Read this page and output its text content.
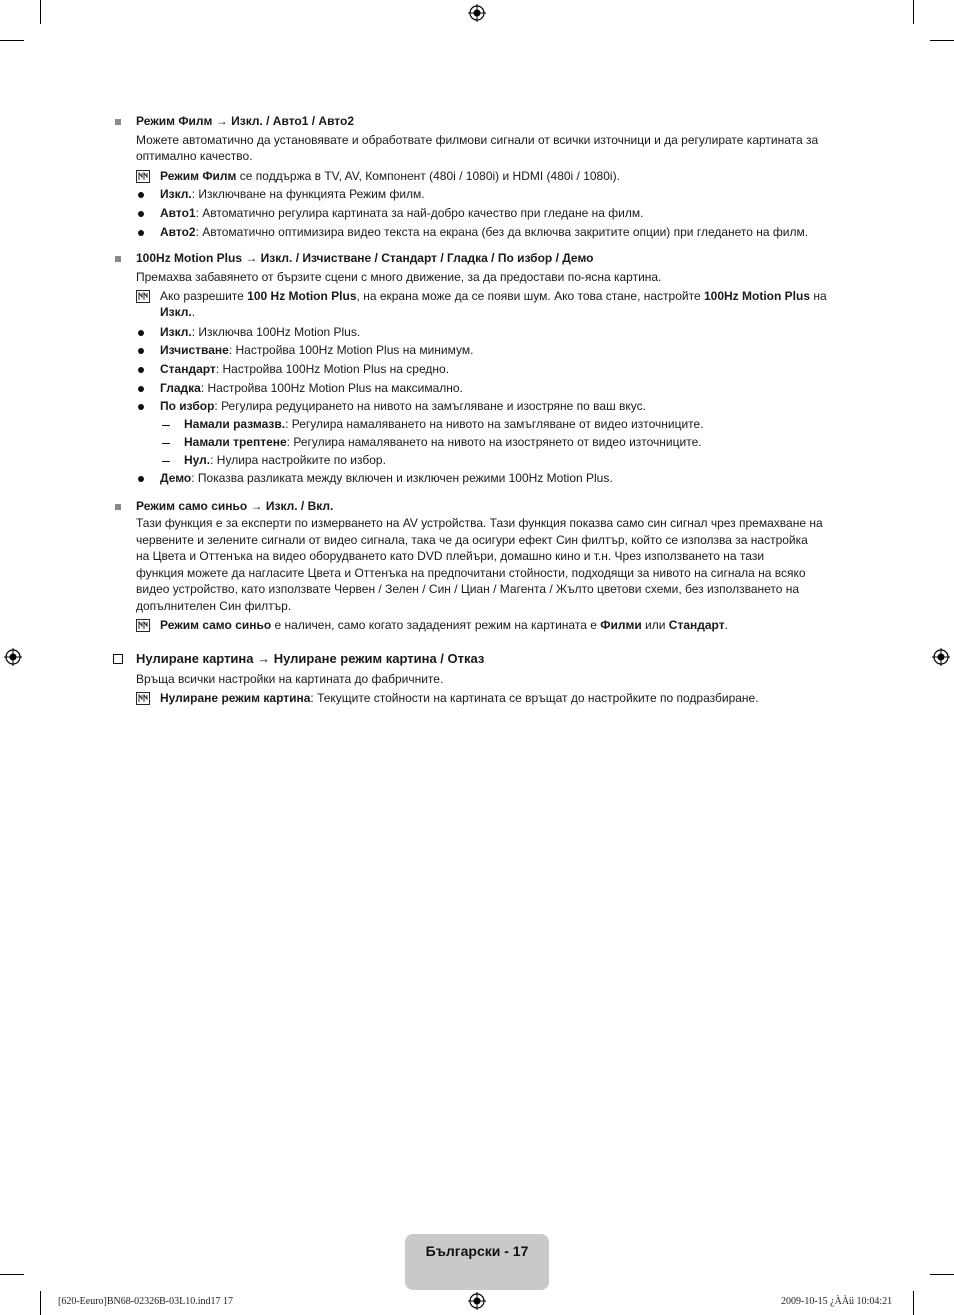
Режим Филм → Изкл. / Авто1 / Авто2
Можете автоматично да установявате и обработвате филмови сигнали от всички източници и да регулирате картината за
оптимално качество.
Режим Филм се поддържа в TV, AV, Компонент (480i / 1080i) и HDMI (480i / 1080i).
Изкл.: Изключване на функцията Режим филм.
Авто1: Автоматично регулира картината за най-добро качество при гледане на филм.
Авто2: Автоматично оптимизира видео текста на екрана (без да включва закритите опции) при гледането на филм.
100Hz Motion Plus → Изкл. / Изчистване / Стандарт / Гладка / По избор / Демо
Премахва забавянето от бързите сцени с много движение, за да предостави по-ясна картина.
Ако разрешите 100 Hz Motion Plus, на екрана може да се появи шум. Ако това стане, настройте 100Hz Motion Plus на
Изкл..
Изкл.: Изключва 100Hz Motion Plus.
Изчистване: Настройва 100Hz Motion Plus на минимум.
Стандарт: Настройва 100Hz Motion Plus на средно.
Гладка: Настройва 100Hz Motion Plus на максимално.
По избор: Регулира редуцирането на нивото на замъгляване и изостряне по ваш вкус.
Намали размазв.: Регулира намаляването на нивото на замъгляване от видео източниците.
Намали трептене: Регулира намаляването на нивото на изострянето от видео източниците.
Нул.: Нулира настройките по избор.
Демо: Показва разликата между включен и изключен режими 100Hz Motion Plus.
Режим само синьо → Изкл. / Вкл.
Тази функция е за експерти по измерването на AV устройства. Тази функция показва само син сигнал чрез премахване на
червените и зелените сигнали от видео сигнала, така че да осигури ефект Син филтър, който се използва за настройка
на Цвета и Оттенъка на видео оборудването като DVD плейъри, домашно кино и т.н. Чрез използването на тази
функция можете да нагласите Цвета и Оттенъка на предпочитани стойности, подходящи за нивото на сигнала на всяко
видео устройство, като използвате Червен / Зелен / Син / Циан / Магента / Жълто цветови схеми, без използването на
допълнителен Син филтър.
Режим само синьо е наличен, само когато зададеният режим на картината е Филми или Стандарт.
Нулиране картина → Нулиране режим картина / Отказ
Връща всички настройки на картината до фабричните.
Нулиране режим картина: Текущите стойности на картината се връщат до настройките по подразбиране.
Български - 17
[620-Eeuro]BN68-02326B-03L10.ind17 17	2009-10-15 ¿ÀÀü 10:04:21
